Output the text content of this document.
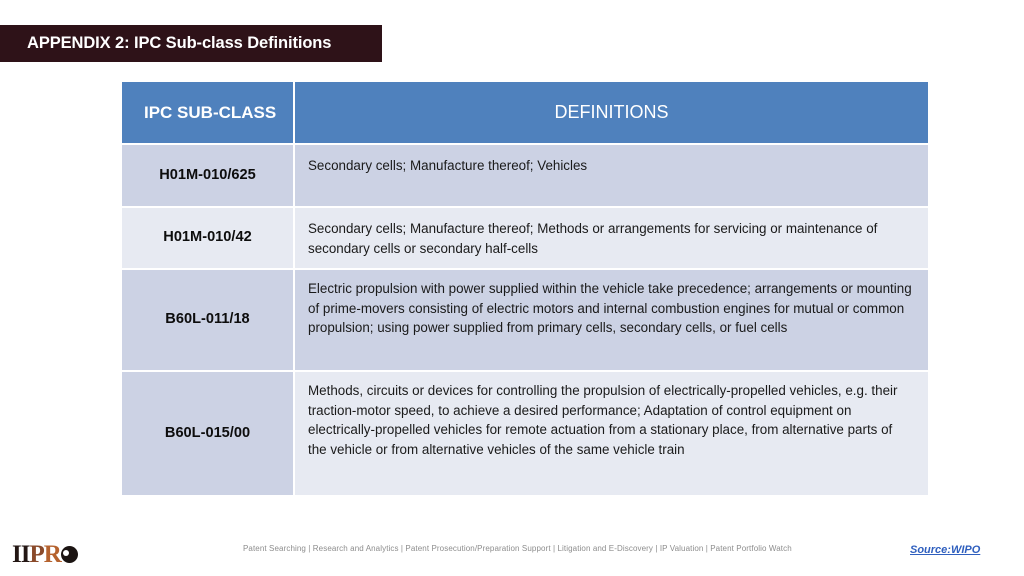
APPENDIX 2: IPC Sub-class Definitions
IPC SUB-CLASS	DEFINITIONS
H01M-010/625	Secondary cells; Manufacture thereof; Vehicles
H01M-010/42	Secondary cells; Manufacture thereof; Methods or arrangements for servicing or maintenance of secondary cells or secondary half-cells
B60L-011/18	Electric propulsion with power supplied within the vehicle take precedence; arrangements or mounting of prime-movers consisting of electric motors and internal combustion engines for mutual or common propulsion; using power supplied from primary cells, secondary cells, or fuel cells
B60L-015/00	Methods, circuits or devices for controlling the propulsion of electrically-propelled vehicles, e.g. their traction-motor speed, to achieve a desired performance; Adaptation of control equipment on electrically-propelled vehicles for remote actuation from a stationary place, from alternative parts of the vehicle or from alternative vehicles of the same vehicle train
Patent Searching | Research and Analytics | Patent Prosecution/Preparation Support | Litigation and E-Discovery | IP Valuation | Patent Portfolio Watch	Source:WIPO
II P R
